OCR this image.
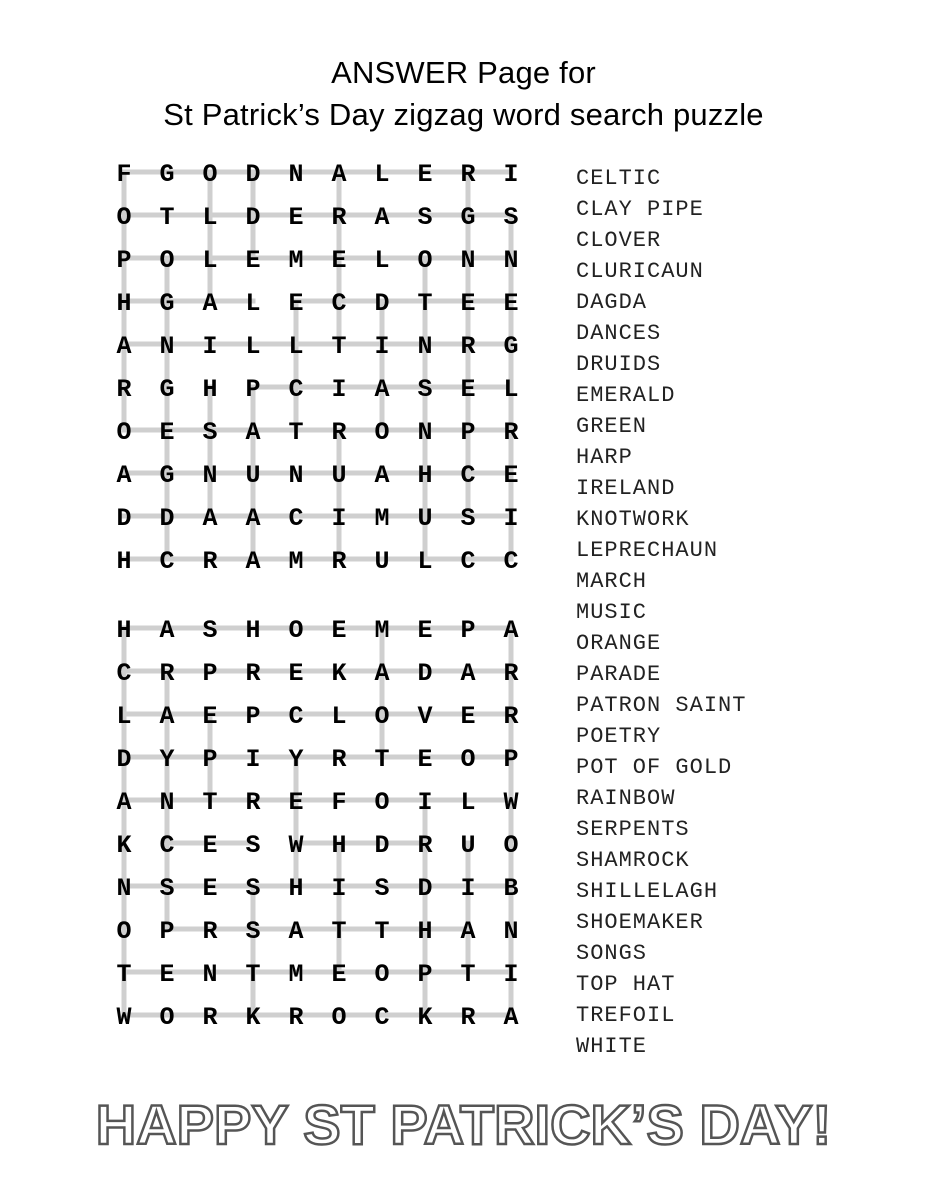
ANSWER Page for
St Patrick’s Day zigzag word search puzzle
F G O D N A L E R I
O T L D E R A S G S
P O L E M E L O N N
H G A L E C D T E E
A N I L L T I N R G
R G H P C I A S E L
O E S A T R O N P R
A G N U N U A H C E
D D A A C I M U S I
H C R A M R U L C C
H A S H O E M E P A
C R P R E K A D A R
L A E P C L O V E R
D Y P I Y R T E O P
A N T R E F O I L W
K C E S W H D R U O
N S E S H I S D I B
O P R S A T T H A N
T E N T M E O P T I
W O R K R O C K R A
CELTIC
CLAY PIPE
CLOVER
CLURICAUN
DAGDA
DANCES
DRUIDS
EMERALD
GREEN
HARP
IRELAND
KNOTWORK
LEPRECHAUN
MARCH
MUSIC
ORANGE
PARADE
PATRON SAINT
POETRY
POT OF GOLD
RAINBOW
SERPENTS
SHAMROCK
SHILLELAGH
SHOEMAKER
SONGS
TOP HAT
TREFOIL
WHITE
HAPPY ST PATRICK’S DAY!
